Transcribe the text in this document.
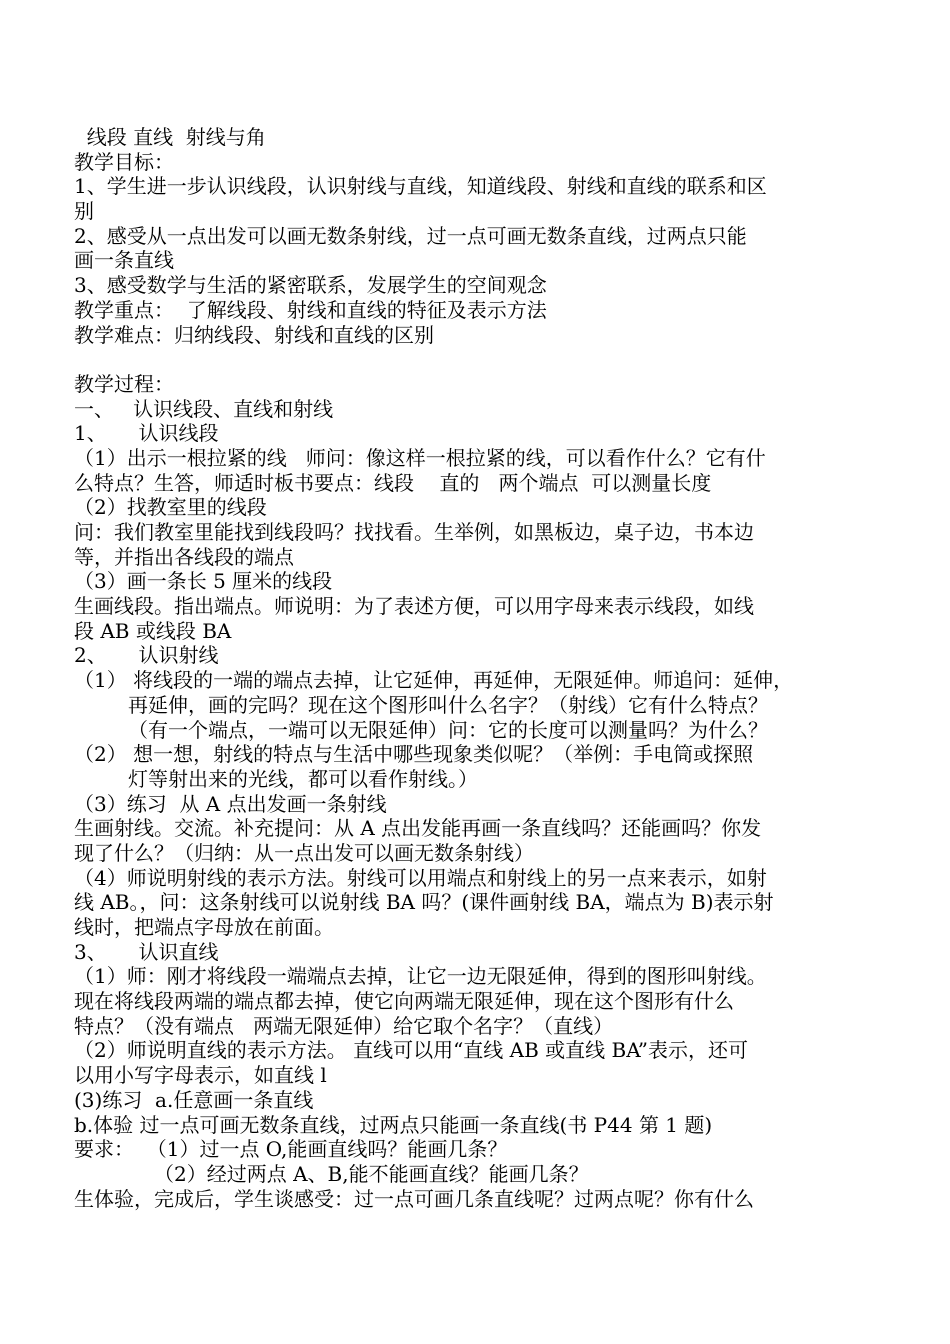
线段 直线  射线与角
教学目标：
1、学生进一步认识线段，认识射线与直线，知道线段、射线和直线的联系和区
别
2、感受从一点出发可以画无数条射线，过一点可画无数条直线，过两点只能
画一条直线
3、感受数学与生活的紧密联系，发展学生的空间观念
教学重点：  了解线段、射线和直线的特征及表示方法
教学难点：归纳线段、射线和直线的区别
教学过程：
一、   认识线段、直线和射线
1、     认识线段
（1）出示一根拉紧的线   师问：像这样一根拉紧的线，可以看作什么？它有什
么特点？生答，师适时板书要点：线段    直的   两个端点  可以测量长度
（2）找教室里的线段
问：我们教室里能找到线段吗？找找看。生举例，如黑板边，桌子边，书本边
等，并指出各线段的端点
（3）画一条长 5 厘米的线段
生画线段。指出端点。师说明：为了表述方便，可以用字母来表示线段，如线
段 AB 或线段 BA
2、     认识射线
（1） 将线段的一端的端点去掉，让它延伸，再延伸，无限延伸。师追问：延伸，
再延伸，画的完吗？现在这个图形叫什么名字？（射线）它有什么特点？
（有一个端点，一端可以无限延伸）问：它的长度可以测量吗？为什么？
（2） 想一想，射线的特点与生活中哪些现象类似呢？（举例：手电筒或探照
灯等射出来的光线，都可以看作射线。）
（3）练习  从 A 点出发画一条射线
生画射线。交流。补充提问：从 A 点出发能再画一条直线吗？还能画吗？你发
现了什么？（归纳：从一点出发可以画无数条射线）
（4）师说明射线的表示方法。射线可以用端点和射线上的另一点来表示，如射
线 AB。，问：这条射线可以说射线 BA 吗？(课件画射线 BA，端点为 B)表示射
线时，把端点字母放在前面。
3、     认识直线
（1）师：刚才将线段一端端点去掉，让它一边无限延伸，得到的图形叫射线。
现在将线段两端的端点都去掉，使它向两端无限延伸，现在这个图形有什么
特点？（没有端点   两端无限延伸）给它取个名字？（直线）
（2）师说明直线的表示方法。 直线可以用“直线 AB 或直线 BA”表示，还可
以用小写字母表示，如直线 l
(3)练习  a.任意画一条直线
b.体验 过一点可画无数条直线，过两点只能画一条直线(书 P44 第 1 题)
要求：  （1）过一点 O,能画直线吗？能画几条？
（2）经过两点 A、B,能不能画直线？能画几条？
生体验，完成后，学生谈感受：过一点可画几条直线呢？过两点呢？你有什么
